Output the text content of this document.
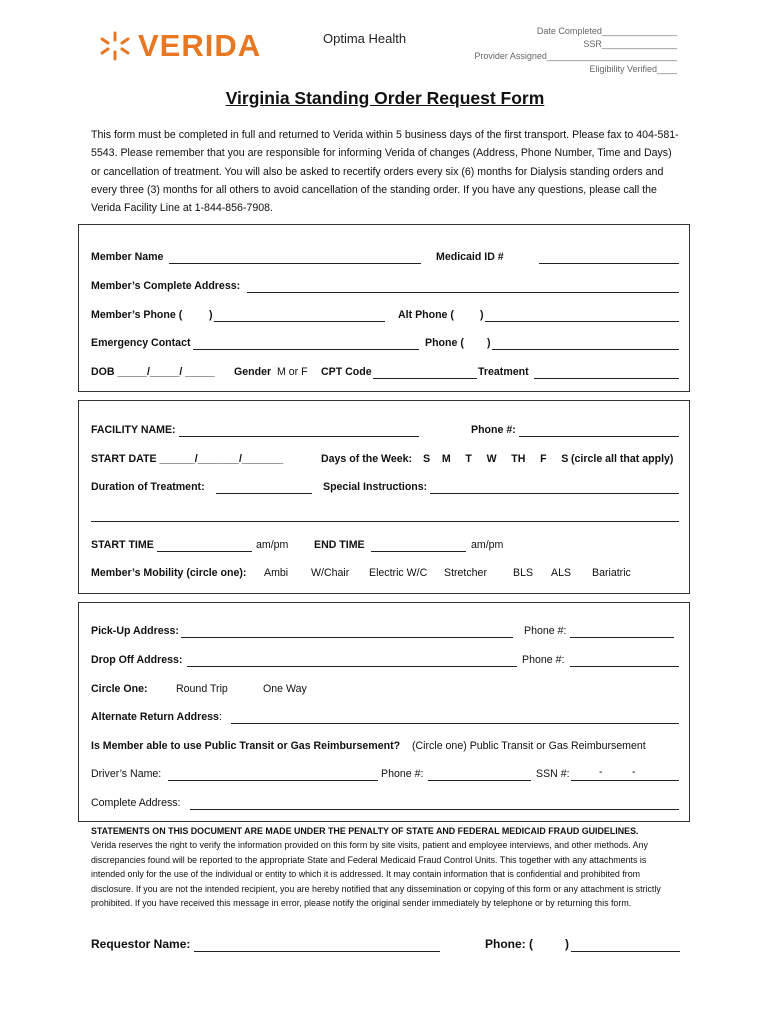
VERIDA	Optima Health	Date Completed_______________
SSR_______________
Provider Assigned__________________________
Eligibility Verified____
Virginia Standing Order Request Form
This form must be completed in full and returned to Verida within 5 business days of the first transport. Please fax to 404-581-5543. Please remember that you are responsible for informing Verida of changes (Address, Phone Number, Time and Days) or cancellation of treatment. You will also be asked to recertify orders every six (6) months for Dialysis standing orders and every three (3) months for all others to avoid cancellation of the standing order. If you have any questions, please call the Verida Facility Line at 1-844-856-7908.
Member Name	Medicaid ID #
Member’s Complete Address:
Member’s Phone (	)	Alt Phone ( )
Emergency Contact	Phone ( )
DOB _____/_____/ _____ Gender M or F CPT Code	Treatment
FACILITY NAME:	Phone #:
START DATE ______/_______/_______	Days of the Week: S    M     T     W     TH     F     S (circle all that apply)
Duration of Treatment:	Special Instructions:
START TIME	am/pm END TIME	am/pm
Member’s Mobility (circle one): Ambi W/Chair Electric W/C Stretcher BLS ALS Bariatric
Pick-Up Address:	Phone #:
Drop Off Address:	Phone #:
Circle One:	Round Trip	One Way
Alternate Return Address:
Is Member able to use Public Transit or Gas Reimbursement? (Circle one) Public Transit or Gas Reimbursement
Driver’s Name:	Phone #:	SSN #:	-          -
Complete Address:
STATEMENTS ON THIS DOCUMENT ARE MADE UNDER THE PENALTY OF STATE AND FEDERAL MEDICAID FRAUD GUIDELINES.
Verida reserves the right to verify the information provided on this form by site visits, patient and employee interviews, and other methods. Any discrepancies found will be reported to the appropriate State and Federal Medicaid Fraud Control Units. This together with any attachments is intended only for the use of the individual or entity to which it is addressed. It may contain information that is confidential and prohibited from disclosure. If you are not the intended recipient, you are hereby notified that any dissemination or copying of this form or any attachment is strictly prohibited. If you have received this message in error, please notify the original sender immediately by telephone or by returning this form.
Requestor Name:	Phone: (	)
